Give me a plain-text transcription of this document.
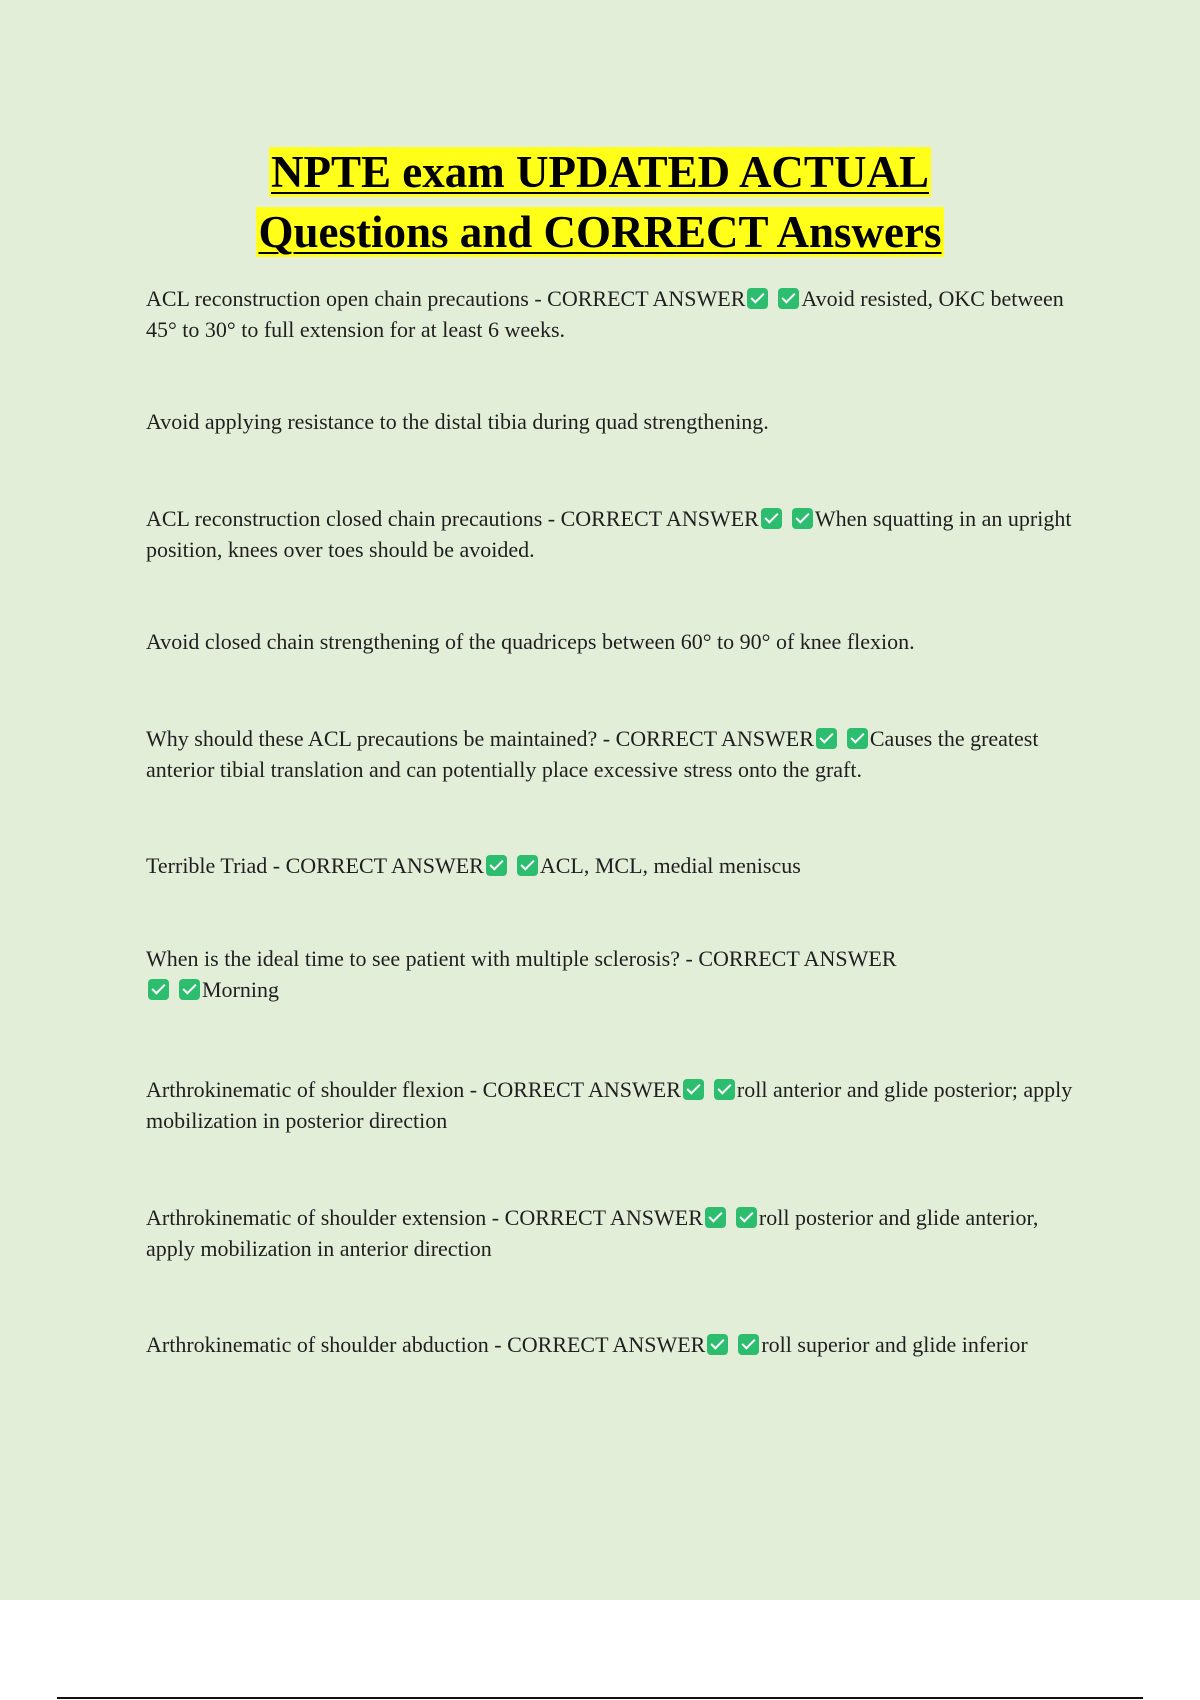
NPTE exam UPDATED ACTUAL
Questions and CORRECT Answers
ACL reconstruction open chain precautions - CORRECT ANSWER	Avoid resisted, OKC between 45° to 30° to full extension for at least 6 weeks.
Avoid applying resistance to the distal tibia during quad strengthening.
ACL reconstruction closed chain precautions - CORRECT ANSWER	When squatting in an upright position, knees over toes should be avoided.
Avoid closed chain strengthening of the quadriceps between 60° to 90° of knee flexion.
Why should these ACL precautions be maintained? - CORRECT ANSWER	Causes the greatest anterior tibial translation and can potentially place excessive stress onto the graft.
Terrible Triad - CORRECT ANSWER	ACL, MCL, medial meniscus
When is the ideal time to see patient with multiple sclerosis? - CORRECT ANSWERMorning
Arthrokinematic of shoulder flexion - CORRECT ANSWER	roll anterior and glide posterior; apply mobilization in posterior direction
Arthrokinematic of shoulder extension - CORRECT ANSWER	roll posterior and glide anterior, apply mobilization in anterior direction
Arthrokinematic of shoulder abduction - CORRECT ANSWER	roll superior and glide inferior
